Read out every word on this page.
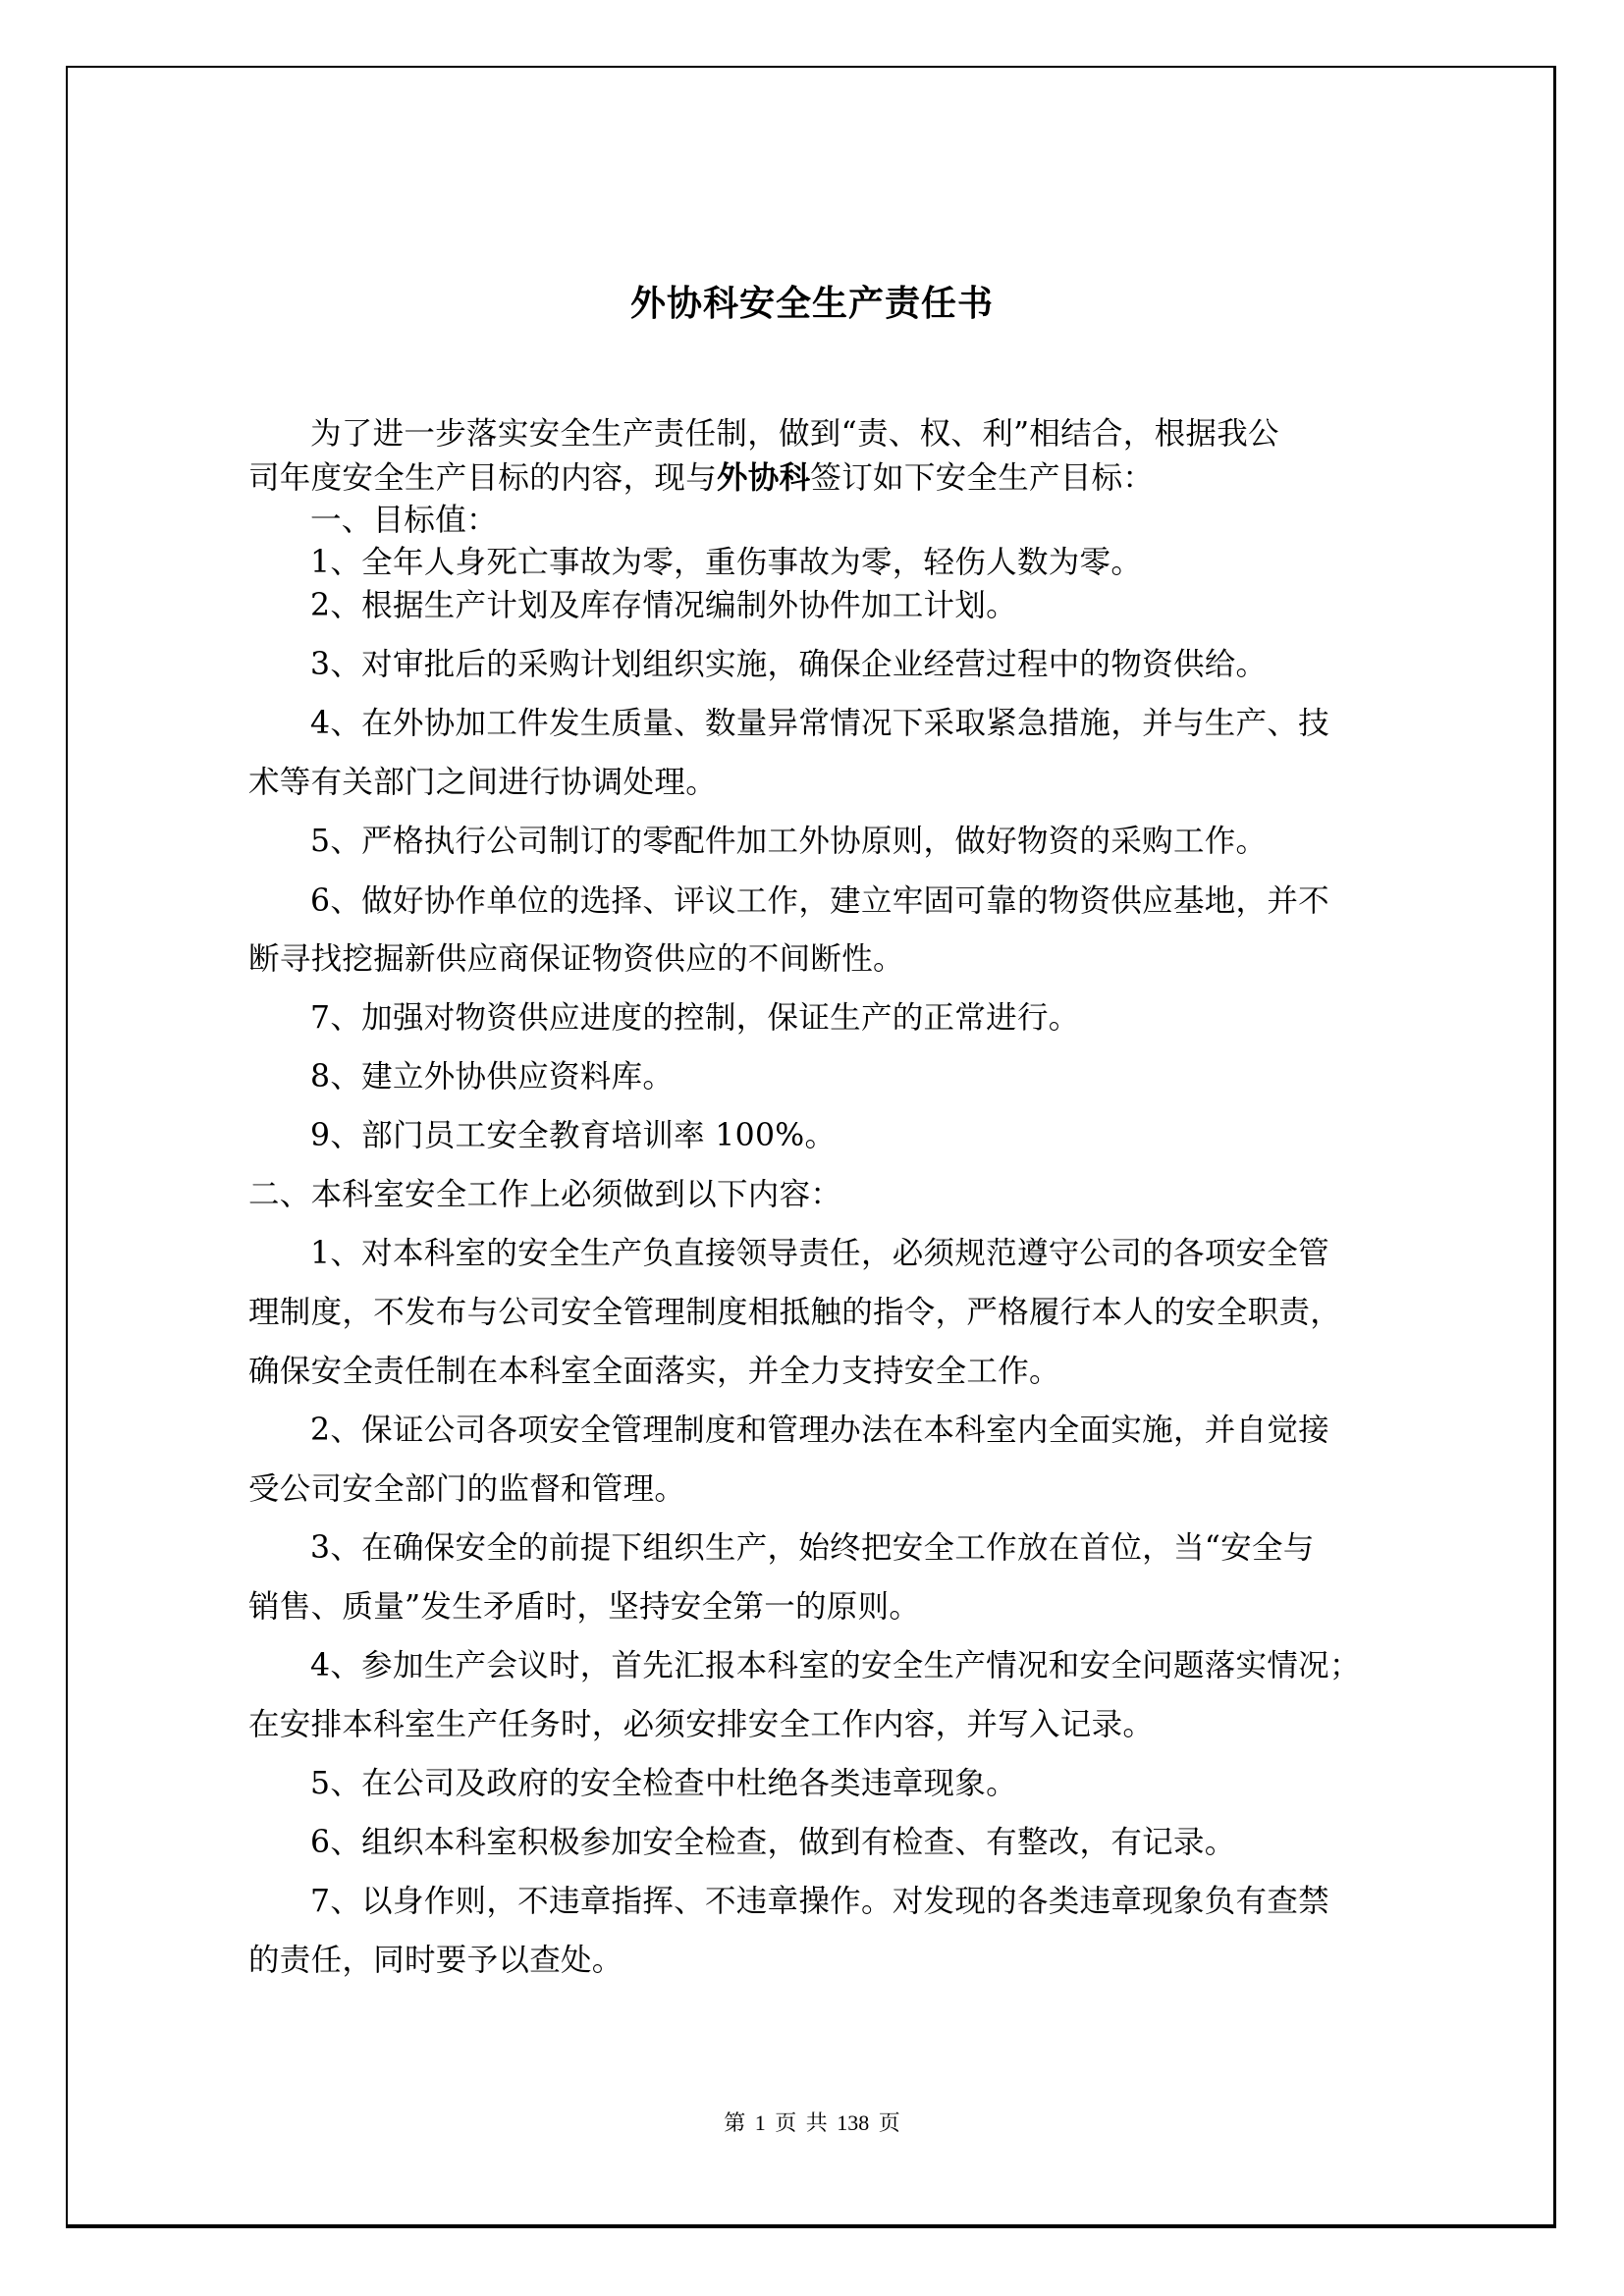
外协科安全生产责任书
为了进一步落实安全生产责任制，做到“责、权、利”相结合，根据我公
司年度安全生产目标的内容，现与外协科签订如下安全生产目标：
一、目标值：
1、全年人身死亡事故为零，重伤事故为零，轻伤人数为零。
2、根据生产计划及库存情况编制外协件加工计划。
3、对审批后的采购计划组织实施，确保企业经营过程中的物资供给。
4、在外协加工件发生质量、数量异常情况下采取紧急措施，并与生产、技
术等有关部门之间进行协调处理。
5、严格执行公司制订的零配件加工外协原则，做好物资的采购工作。
6、做好协作单位的选择、评议工作，建立牢固可靠的物资供应基地，并不
断寻找挖掘新供应商保证物资供应的不间断性。
7、加强对物资供应进度的控制，保证生产的正常进行。
8、建立外协供应资料库。
9、部门员工安全教育培训率 100%。
二、本科室安全工作上必须做到以下内容：
1、对本科室的安全生产负直接领导责任，必须规范遵守公司的各项安全管
理制度，不发布与公司安全管理制度相抵触的指令，严格履行本人的安全职责，
确保安全责任制在本科室全面落实，并全力支持安全工作。
2、保证公司各项安全管理制度和管理办法在本科室内全面实施，并自觉接
受公司安全部门的监督和管理。
3、在确保安全的前提下组织生产，始终把安全工作放在首位，当“安全与
销售、质量”发生矛盾时，坚持安全第一的原则。
4、参加生产会议时，首先汇报本科室的安全生产情况和安全问题落实情况；
在安排本科室生产任务时，必须安排安全工作内容，并写入记录。
5、在公司及政府的安全检查中杜绝各类违章现象。
6、组织本科室积极参加安全检查，做到有检查、有整改，有记录。
7、以身作则，不违章指挥、不违章操作。对发现的各类违章现象负有查禁
的责任，同时要予以查处。
第 1 页 共 138 页
